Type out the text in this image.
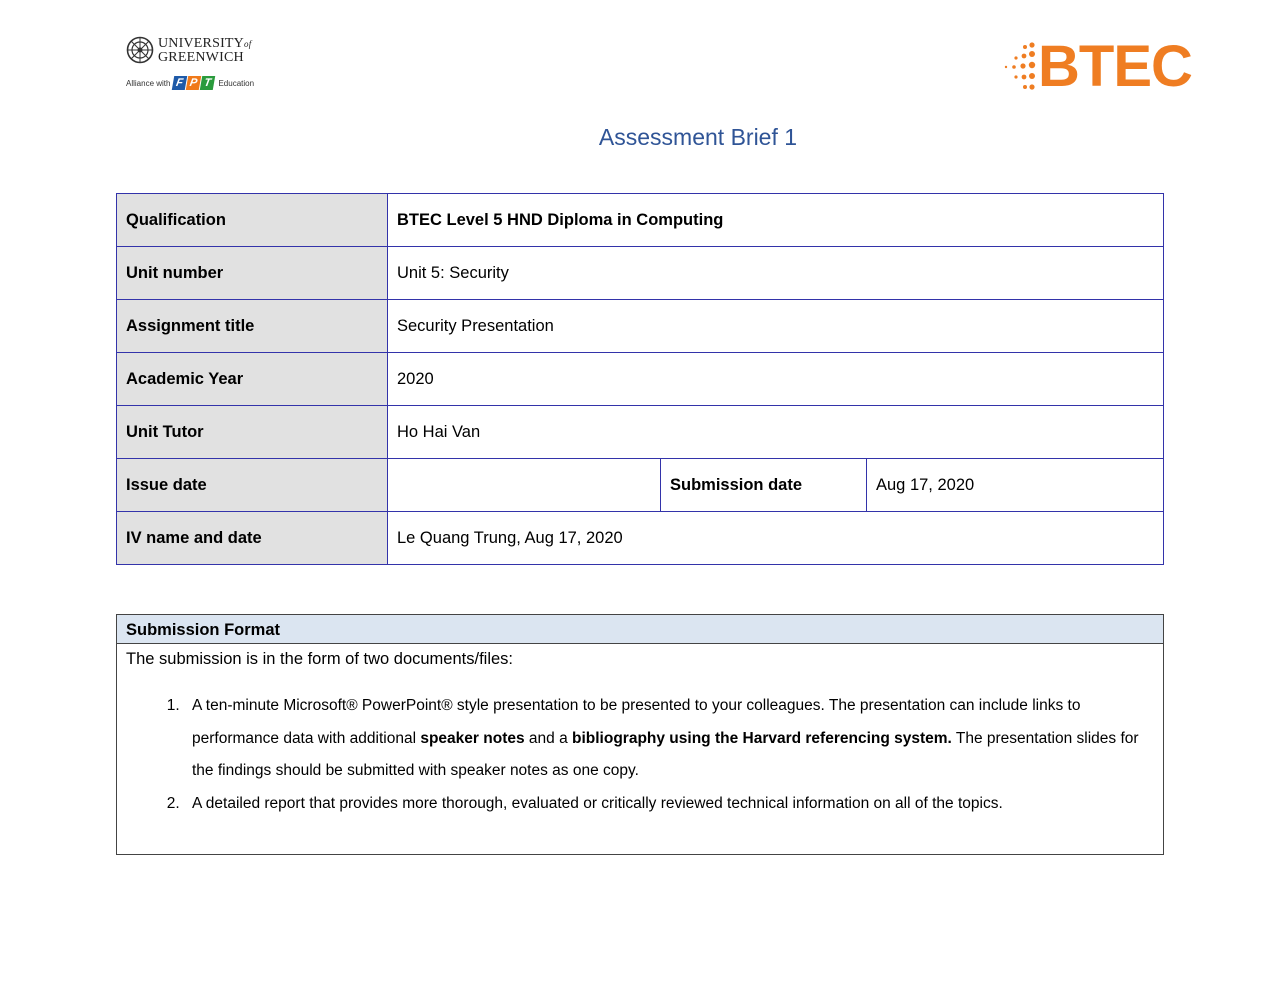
UNIVERSITYof
GREENWICH
Alliance with F P T Education	BTEC
Assessment Brief 1
Qualification	BTEC Level 5 HND Diploma in Computing		
Unit number	Unit 5: Security		
Assignment title	Security Presentation		
Academic Year	2020		
Unit Tutor	Ho Hai Van		
Issue date		Submission date	Aug 17, 2020
IV name and date	Le Quang Trung, Aug 17, 2020		
Submission Format
The submission is in the form of two documents/files:
1. A ten-minute Microsoft® PowerPoint® style presentation to be presented to your colleagues. The presentation can include links to performance data with additional speaker notes and a bibliography using the Harvard referencing system. The presentation slides for the findings should be submitted with speaker notes as one copy.
2. A detailed report that provides more thorough, evaluated or critically reviewed technical information on all of the topics.
